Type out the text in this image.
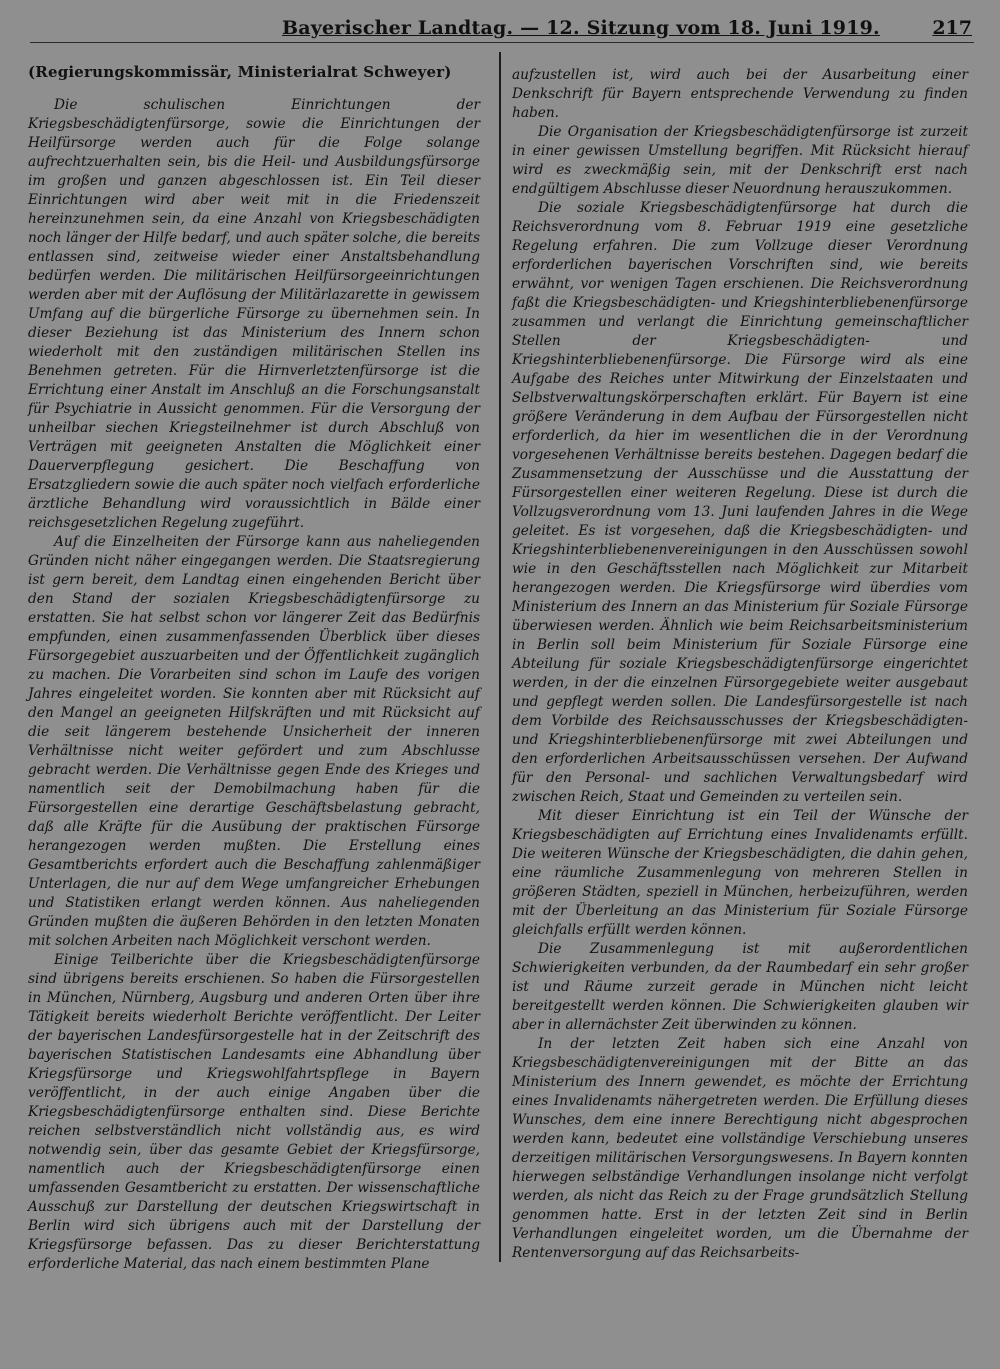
Bayerischer Landtag. — 12. Sitzung vom 18. Juni 1919.	217
(Regierungskommissär, Ministerialrat Schweyer)

Die schulischen Einrichtungen der Kriegsbeschädigtenfürsorge, sowie die Einrichtungen der Heilfürsorge werden auch für die Folge solange aufrechtzuerhalten sein, bis die Heil- und Ausbildungsfürsorge im großen und ganzen abgeschlossen ist. Ein Teil dieser Einrichtungen wird aber weit mit in die Friedenszeit hereinzunehmen sein, da eine Anzahl von Kriegsbeschädigten noch länger der Hilfe bedarf, und auch später solche, die bereits entlassen sind, zeitweise wieder einer Anstaltsbehandlung bedürfen werden. Die militärischen Heilfürsorgeeinrichtungen werden aber mit der Auflösung der Militärlazarette in gewissem Umfang auf die bürgerliche Fürsorge zu übernehmen sein. In dieser Beziehung ist das Ministerium des Innern schon wiederholt mit den zuständigen militärischen Stellen ins Benehmen getreten. Für die Hirnverletztenfürsorge ist die Errichtung einer Anstalt im Anschluß an die Forschungsanstalt für Psychiatrie in Aussicht genommen. Für die Versorgung der unheilbar siechen Kriegsteilnehmer ist durch Abschluß von Verträgen mit geeigneten Anstalten die Möglichkeit einer Dauerverpflegung gesichert. Die Beschaffung von Ersatzgliedern sowie die auch später noch vielfach erforderliche ärztliche Behandlung wird voraussichtlich in Bälde einer reichsgesetzlichen Regelung zugeführt.

Auf die Einzelheiten der Fürsorge kann aus naheliegenden Gründen nicht näher eingegangen werden. Die Staatsregierung ist gern bereit, dem Landtag einen eingehenden Bericht über den Stand der sozialen Kriegsbeschädigtenfürsorge zu erstatten. Sie hat selbst schon vor längerer Zeit das Bedürfnis empfunden, einen zusammenfassenden Überblick über dieses Fürsorgegebiet auszuarbeiten und der Öffentlichkeit zugänglich zu machen. Die Vorarbeiten sind schon im Laufe des vorigen Jahres eingeleitet worden. Sie konnten aber mit Rücksicht auf den Mangel an geeigneten Hilfskräften und mit Rücksicht auf die seit längerem bestehende Unsicherheit der inneren Verhältnisse nicht weiter gefördert und zum Abschlusse gebracht werden. Die Verhältnisse gegen Ende des Krieges und namentlich seit der Demobilmachung haben für die Fürsorgestellen eine derartige Geschäftsbelastung gebracht, daß alle Kräfte für die Ausübung der praktischen Fürsorge herangezogen werden mußten. Die Erstellung eines Gesamtberichts erfordert auch die Beschaffung zahlenmäßiger Unterlagen, die nur auf dem Wege umfangreicher Erhebungen und Statistiken erlangt werden können. Aus naheliegenden Gründen mußten die äußeren Behörden in den letzten Monaten mit solchen Arbeiten nach Möglichkeit verschont werden.

Einige Teilberichte über die Kriegsbeschädigtenfürsorge sind übrigens bereits erschienen. So haben die Fürsorgestellen in München, Nürnberg, Augsburg und anderen Orten über ihre Tätigkeit bereits wiederholt Berichte veröffentlicht. Der Leiter der bayerischen Landesfürsorgestelle hat in der Zeitschrift des bayerischen Statistischen Landesamts eine Abhandlung über Kriegsfürsorge und Kriegswohlfahrtspflege in Bayern veröffentlicht, in der auch einige Angaben über die Kriegsbeschädigtenfürsorge enthalten sind. Diese Berichte reichen selbstverständlich nicht vollständig aus, es wird notwendig sein, über das gesamte Gebiet der Kriegsfürsorge, namentlich auch der Kriegsbeschädigtenfürsorge einen umfassenden Gesamtbericht zu erstatten. Der wissenschaftliche Ausschuß zur Darstellung der deutschen Kriegswirtschaft in Berlin wird sich übrigens auch mit der Darstellung der Kriegsfürsorge befassen. Das zu dieser Berichterstattung erforderliche Material, das nach einem bestimmten Plane

aufzustellen ist, wird auch bei der Ausarbeitung einer Denkschrift für Bayern entsprechende Verwendung zu finden haben.

Die Organisation der Kriegsbeschädigtenfürsorge ist zurzeit in einer gewissen Umstellung begriffen. Mit Rücksicht hierauf wird es zweckmäßig sein, mit der Denkschrift erst nach endgültigem Abschlusse dieser Neuordnung herauszukommen.

Die soziale Kriegsbeschädigtenfürsorge hat durch die Reichsverordnung vom 8. Februar 1919 eine gesetzliche Regelung erfahren. Die zum Vollzuge dieser Verordnung erforderlichen bayerischen Vorschriften sind, wie bereits erwähnt, vor wenigen Tagen erschienen. Die Reichsverordnung faßt die Kriegsbeschädigten- und Kriegshinterbliebenenfürsorge zusammen und verlangt die Einrichtung gemeinschaftlicher Stellen der Kriegsbeschädigten- und Kriegshinterbliebenenfürsorge. Die Fürsorge wird als eine Aufgabe des Reiches unter Mitwirkung der Einzelstaaten und Selbstverwaltungskörperschaften erklärt. Für Bayern ist eine größere Veränderung in dem Aufbau der Fürsorgestellen nicht erforderlich, da hier im wesentlichen die in der Verordnung vorgesehenen Verhältnisse bereits bestehen. Dagegen bedarf die Zusammensetzung der Ausschüsse und die Ausstattung der Fürsorgestellen einer weiteren Regelung. Diese ist durch die Vollzugsverordnung vom 13. Juni laufenden Jahres in die Wege geleitet. Es ist vorgesehen, daß die Kriegsbeschädigten- und Kriegshinterbliebenenvereinigungen in den Ausschüssen sowohl wie in den Geschäftsstellen nach Möglichkeit zur Mitarbeit herangezogen werden. Die Kriegsfürsorge wird überdies vom Ministerium des Innern an das Ministerium für Soziale Fürsorge überwiesen werden. Ähnlich wie beim Reichsarbeitsministerium in Berlin soll beim Ministerium für Soziale Fürsorge eine Abteilung für soziale Kriegsbeschädigtenfürsorge eingerichtet werden, in der die einzelnen Fürsorgegebiete weiter ausgebaut und gepflegt werden sollen. Die Landesfürsorgestelle ist nach dem Vorbilde des Reichsausschusses der Kriegsbeschädigten- und Kriegshinterbliebenenfürsorge mit zwei Abteilungen und den erforderlichen Arbeitsausschüssen versehen. Der Aufwand für den Personal- und sachlichen Verwaltungsbedarf wird zwischen Reich, Staat und Gemeinden zu verteilen sein.

Mit dieser Einrichtung ist ein Teil der Wünsche der Kriegsbeschädigten auf Errichtung eines Invalidenamts erfüllt. Die weiteren Wünsche der Kriegsbeschädigten, die dahin gehen, eine räumliche Zusammenlegung von mehreren Stellen in größeren Städten, speziell in München, herbeizuführen, werden mit der Überleitung an das Ministerium für Soziale Fürsorge gleichfalls erfüllt werden können.

Die Zusammenlegung ist mit außerordentlichen Schwierigkeiten verbunden, da der Raumbedarf ein sehr großer ist und Räume zurzeit gerade in München nicht leicht bereitgestellt werden können. Die Schwierigkeiten glauben wir aber in allernächster Zeit überwinden zu können.

In der letzten Zeit haben sich eine Anzahl von Kriegsbeschädigtenvereinigungen mit der Bitte an das Ministerium des Innern gewendet, es möchte der Errichtung eines Invalidenamts nähergetreten werden. Die Erfüllung dieses Wunsches, dem eine innere Berechtigung nicht abgesprochen werden kann, bedeutet eine vollständige Verschiebung unseres derzeitigen militärischen Versorgungswesens. In Bayern konnten hierwegen selbständige Verhandlungen insolange nicht verfolgt werden, als nicht das Reich zu der Frage grundsätzlich Stellung genommen hatte. Erst in der letzten Zeit sind in Berlin Verhandlungen eingeleitet worden, um die Übernahme der Rentenversorgung auf das Reichsarbeits-
